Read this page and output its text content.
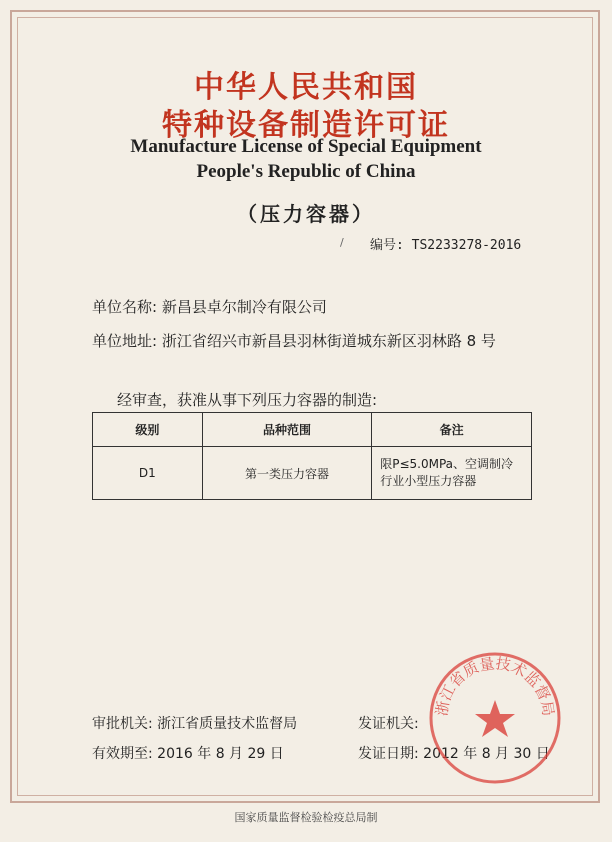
中华人民共和国
特种设备制造许可证
Manufacture License of Special Equipment
People's Republic of China
（压力容器）
/ 编号: TS2233278-2016
单位名称: 新昌县卓尔制冷有限公司
单位地址: 浙江省绍兴市新昌县羽林街道城东新区羽林路 8 号
经审查，获准从事下列压力容器的制造:
级别	品种范围	备注
D1	第一类压力容器	限P≤5.0MPa、空调制冷
行业小型压力容器
审批机关: 浙江省质量技术监督局	发证机关:
有效期至: 2016 年 8 月 29 日	发证日期: 2012 年 8 月 30 日
浙江省质量技术监督局
国家质量监督检验检疫总局制
